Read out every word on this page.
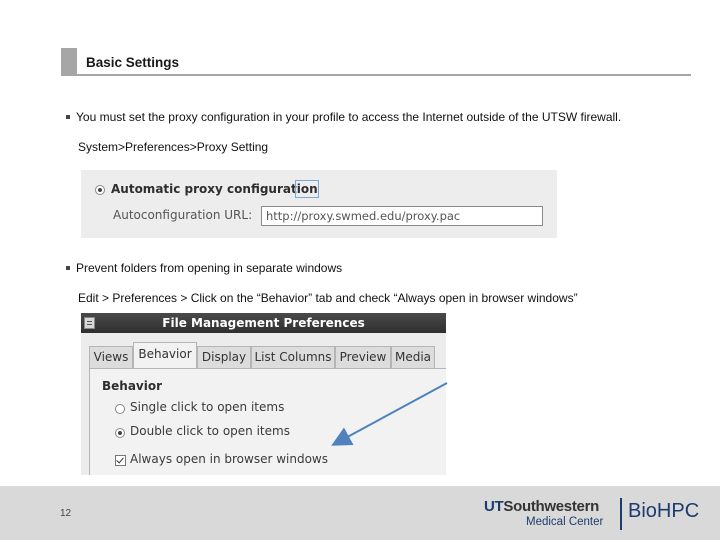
Basic Settings
You must set the proxy configuration in your profile to access the Internet outside of the UTSW firewall.
System>Preferences>Proxy Setting
Automatic proxy configuration
Autoconfiguration URL:	http://proxy.swmed.edu/proxy.pac
Prevent folders from opening in separate windows
Edit > Preferences > Click on the “Behavior” tab and check “Always open in browser windows”
File Management Preferences
Views Behavior Display List Columns Preview Media
Behavior
Single click to open items
Double click to open items
Always open in browser windows
12	UTSouthwestern
Medical Center BioHPC
